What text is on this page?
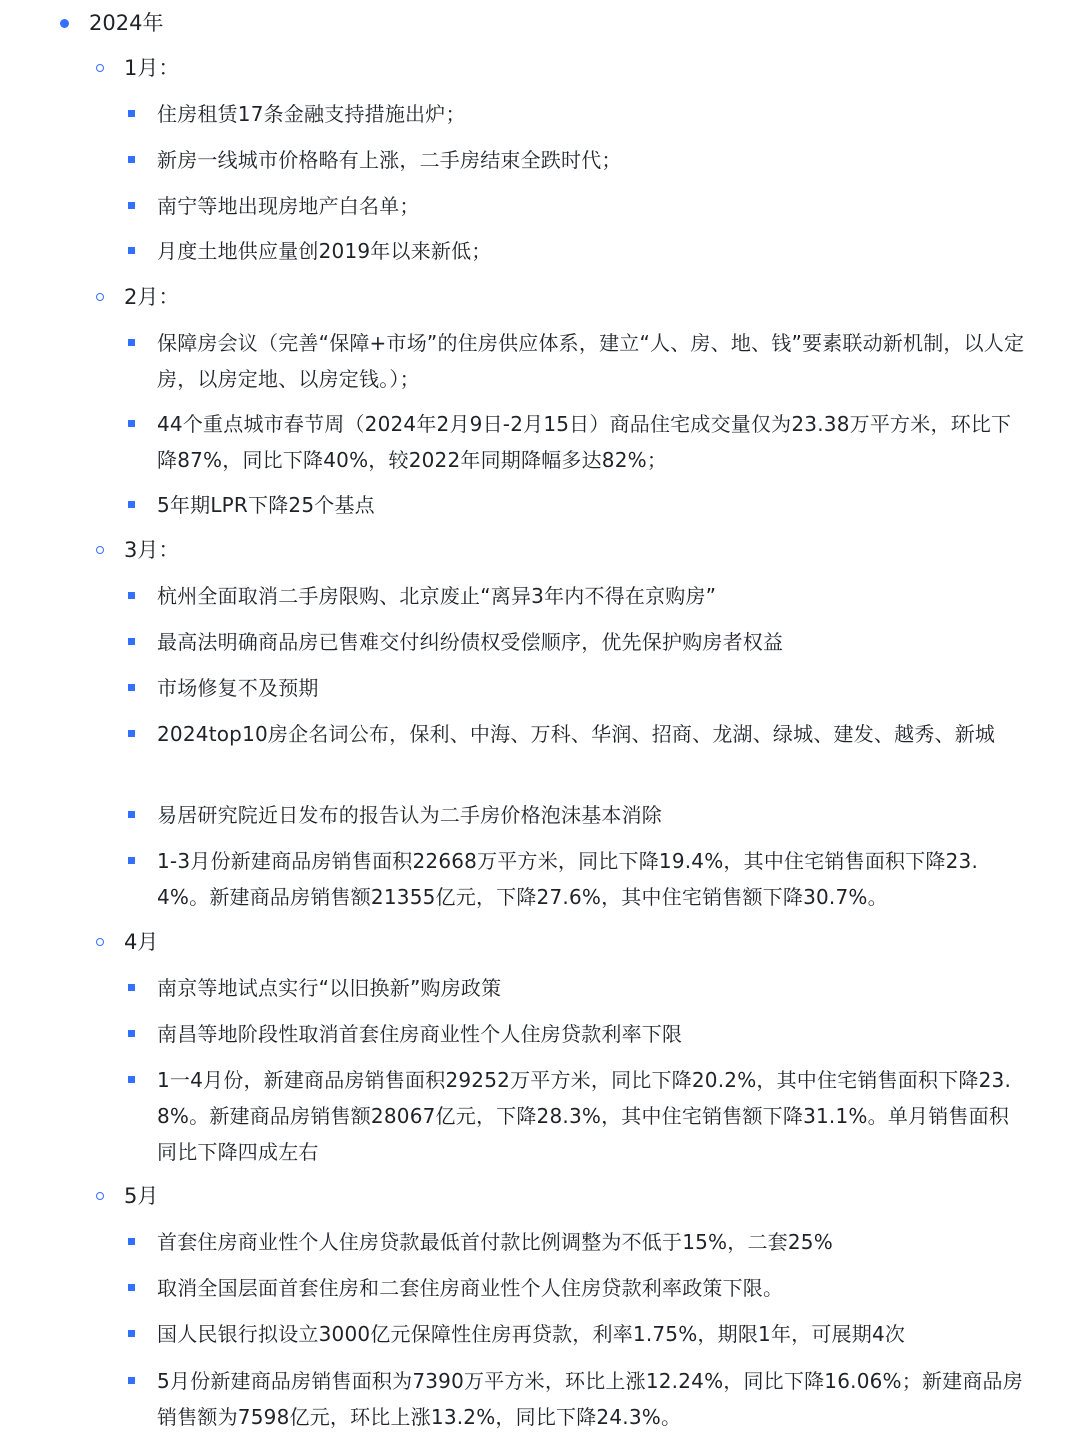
2024年
1月：
住房租赁17条金融支持措施出炉；
新房一线城市价格略有上涨，二手房结束全跌时代；
南宁等地出现房地产白名单；
月度土地供应量创2019年以来新低；
2月：
保障房会议（完善“保障+市场”的住房供应体系，建立“人、房、地、钱”要素联动新机制，以人定房，以房定地、以房定钱。）；
44个重点城市春节周（2024年2月9日-2月15日）商品住宅成交量仅为23.38万平方米，环比下降87%，同比下降40%，较2022年同期降幅多达82%；
5年期LPR下降25个基点
3月：
杭州全面取消二手房限购、北京废止“离异3年内不得在京购房”
最高法明确商品房已售难交付纠纷债权受偿顺序，优先保护购房者权益
市场修复不及预期
2024top10房企名词公布，保利、中海、万科、华润、招商、龙湖、绿城、建发、越秀、新城
易居研究院近日发布的报告认为二手房价格泡沫基本消除
1-3月份新建商品房销售面积22668万平方米，同比下降19.4%，其中住宅销售面积下降23.4%。新建商品房销售额21355亿元，下降27.6%，其中住宅销售额下降30.7%。
4月
南京等地试点实行“以旧换新”购房政策
南昌等地阶段性取消首套住房商业性个人住房贷款利率下限
1一4月份，新建商品房销售面积29252万平方米，同比下降20.2%，其中住宅销售面积下降23.8%。新建商品房销售额28067亿元，下降28.3%，其中住宅销售额下降31.1%。单月销售面积同比下降四成左右
5月
首套住房商业性个人住房贷款最低首付款比例调整为不低于15%，二套25%
取消全国层面首套住房和二套住房商业性个人住房贷款利率政策下限。
国人民银行拟设立3000亿元保障性住房再贷款，利率1.75%，期限1年，可展期4次
5月份新建商品房销售面积为7390万平方米，环比上涨12.24%，同比下降16.06%；新建商品房销售额为7598亿元，环比上涨13.2%，同比下降24.3%。
